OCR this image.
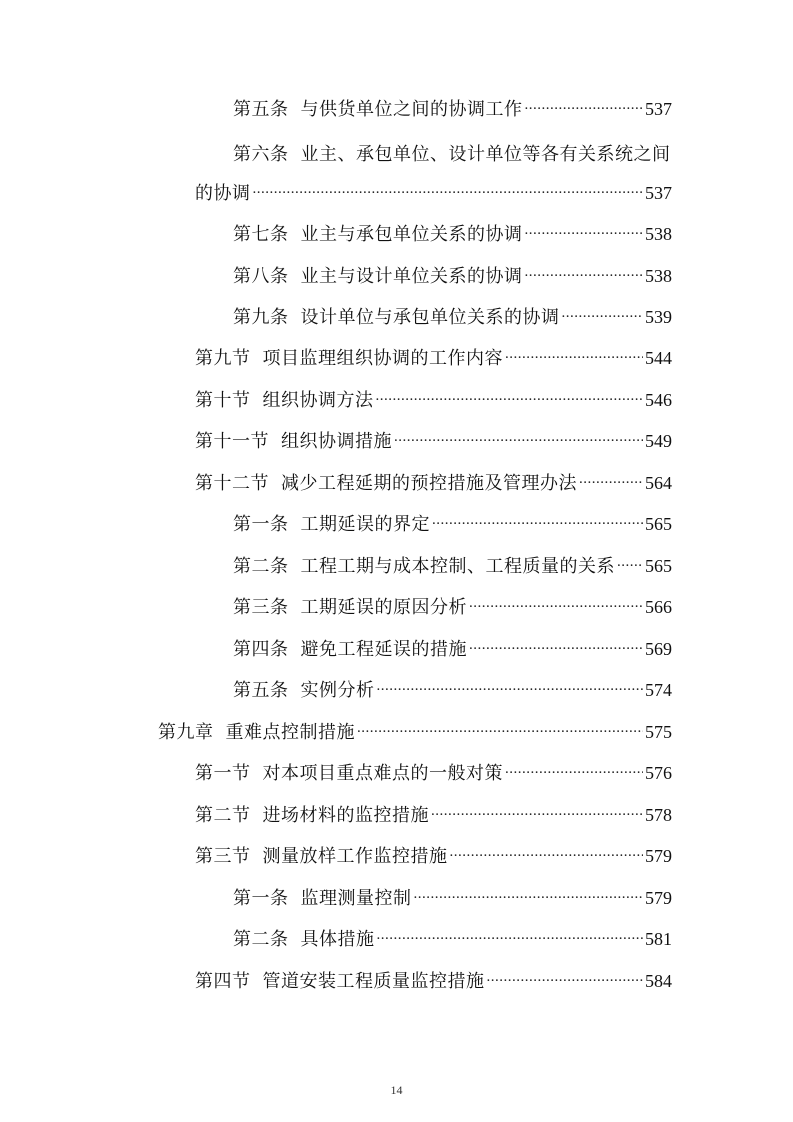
第五条 与供货单位之间的协调工作 .....	537
第六条 业主、承包单位、设计单位等各有关系统之间
的协调 .....	537
第七条 业主与承包单位关系的协调 .....	538
第八条 业主与设计单位关系的协调 .....	538
第九条 设计单位与承包单位关系的协调 .....	539
第九节 项目监理组织协调的工作内容 .....	544
第十节 组织协调方法 .....	546
第十一节 组织协调措施 .....	549
第十二节 减少工程延期的预控措施及管理办法 .....	564
第一条 工期延误的界定 .....	565
第二条 工程工期与成本控制、工程质量的关系 ..... 565
第三条 工期延误的原因分析 .....	566
第四条 避免工程延误的措施 .....	569
第五条 实例分析 .....	574
第九章 重难点控制措施 .....	575
第一节 对本项目重点难点的一般对策 .....	576
第二节 进场材料的监控措施 .....	578
第三节 测量放样工作监控措施 .....	579
第一条 监理测量控制 .....	579
第二条 具体措施 .....	581
第四节 管道安装工程质量监控措施 .....	584
14
